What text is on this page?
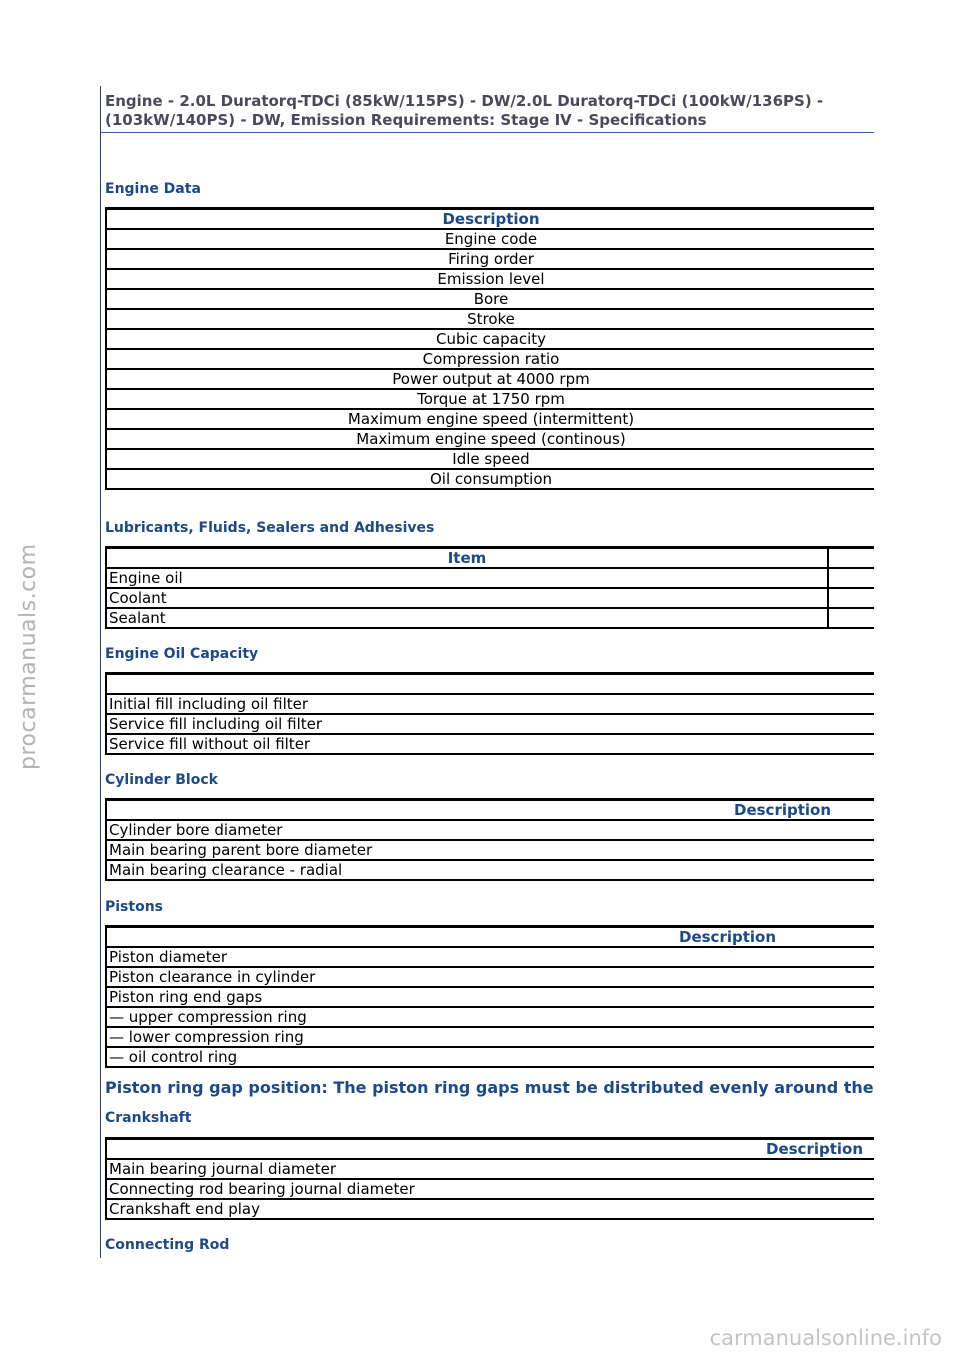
procarmanuals.com
carmanualsonline.info
Engine - 2.0L Duratorq-TDCi (85kW/115PS) - DW/2.0L Duratorq-TDCi (100kW/136PS) -
(103kW/140PS) - DW, Emission Requirements: Stage IV - Specifications
Engine Data
Description
Engine code
Firing order
Emission level
Bore
Stroke
Cubic capacity
Compression ratio
Power output at 4000 rpm
Torque at 1750 rpm
Maximum engine speed (intermittent)
Maximum engine speed (continous)
Idle speed
Oil consumption
Lubricants, Fluids, Sealers and Adhesives
Item	
Engine oil	
Coolant	
Sealant	
Engine Oil Capacity

Initial fill including oil filter
Service fill including oil filter
Service fill without oil filter
Cylinder Block
Description
Cylinder bore diameter
Main bearing parent bore diameter
Main bearing clearance - radial
Pistons
Description
Piston diameter
Piston clearance in cylinder
Piston ring end gaps
— upper compression ring
— lower compression ring
— oil control ring
Piston ring gap position: The piston ring gaps must be distributed evenly around the
Crankshaft
Description
Main bearing journal diameter
Connecting rod bearing journal diameter
Crankshaft end play
Connecting Rod
